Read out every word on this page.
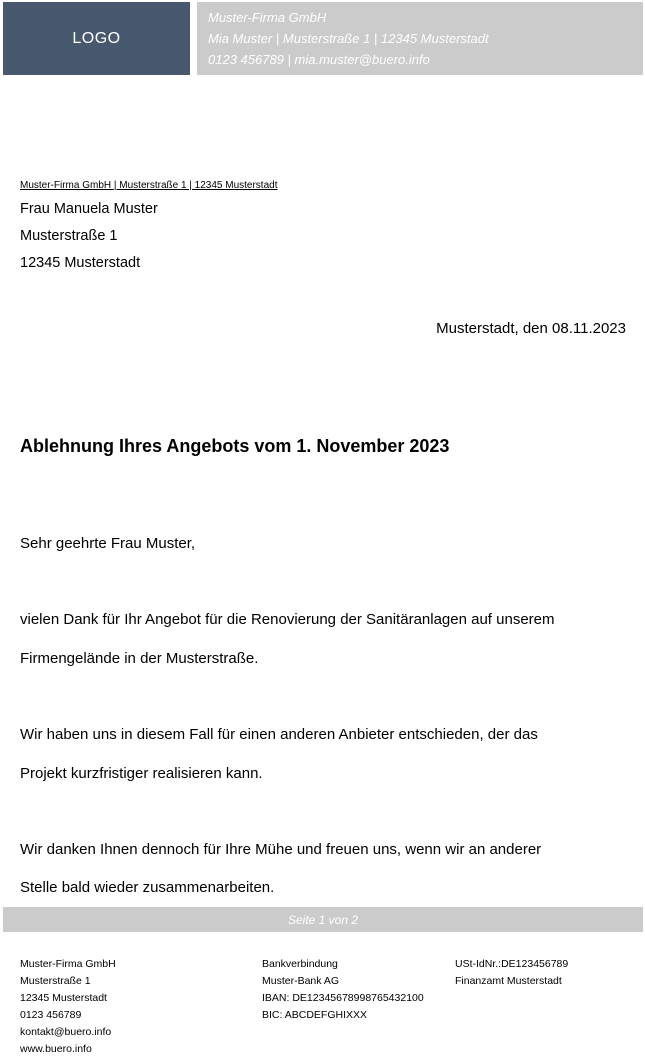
LOGO
Muster-Firma GmbH
Mia Muster | Musterstraße 1 | 12345 Musterstadt
0123 456789 | mia.muster@buero.info
Muster-Firma GmbH | Musterstraße 1 | 12345 Musterstadt
Frau Manuela Muster
Musterstraße 1
12345 Musterstadt
Musterstadt, den 08.11.2023
Ablehnung Ihres Angebots vom 1. November 2023
Sehr geehrte Frau Muster,
vielen Dank für Ihr Angebot für die Renovierung der Sanitäranlagen auf unserem
Firmengelände in der Musterstraße.
Wir haben uns in diesem Fall für einen anderen Anbieter entschieden, der das
Projekt kurzfristiger realisieren kann.
Wir danken Ihnen dennoch für Ihre Mühe und freuen uns, wenn wir an anderer
Stelle bald wieder zusammenarbeiten.
Seite 1 von 2
Muster-Firma GmbH
Musterstraße 1
12345 Musterstadt
0123 456789
kontakt@buero.info
www.buero.info
Bankverbindung
Muster-Bank AG
IBAN: DE12345678998765432100
BIC: ABCDEFGHIXXX
USt-IdNr.:DE123456789
Finanzamt Musterstadt
